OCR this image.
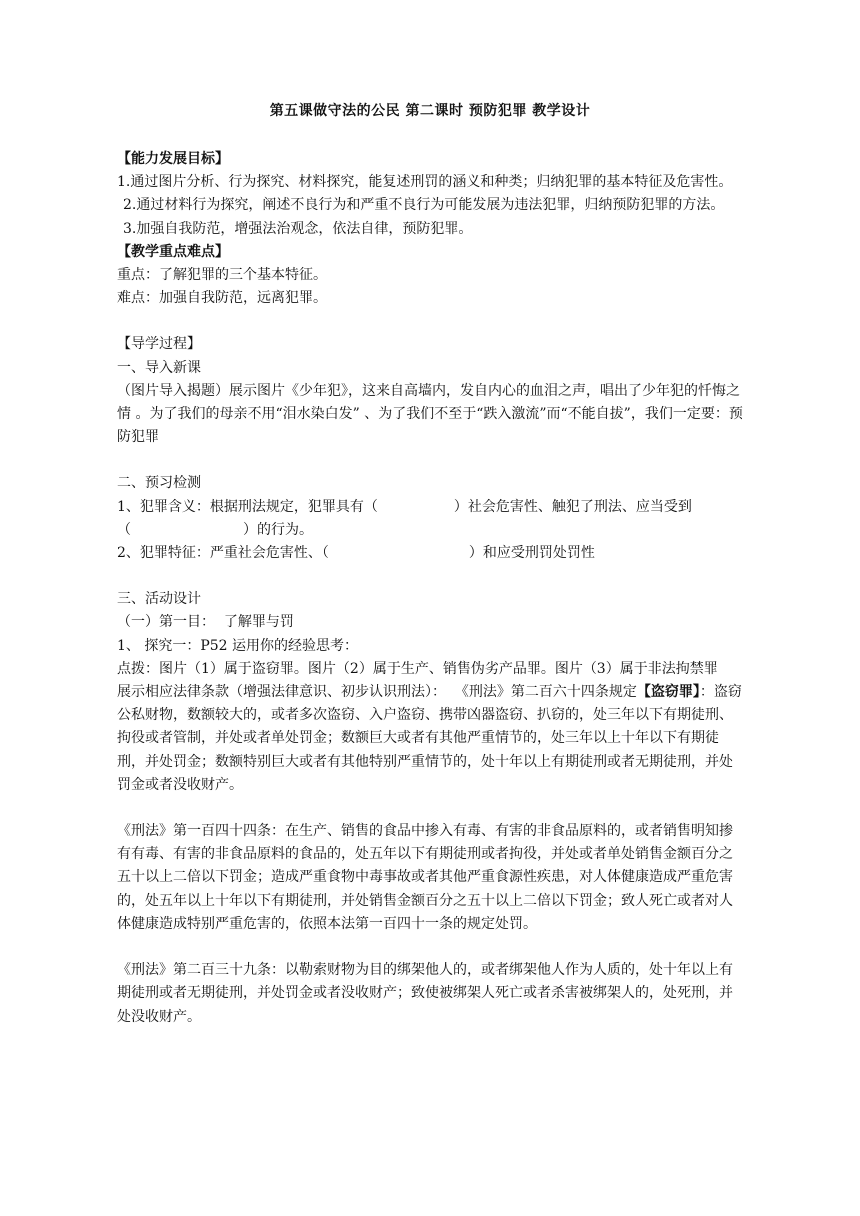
第五课做守法的公民 第二课时 预防犯罪 教学设计
【能力发展目标】
1.通过图片分析、行为探究、材料探究，能复述刑罚的涵义和种类；归纳犯罪的基本特征及危害性。
2.通过材料行为探究，阐述不良行为和严重不良行为可能发展为违法犯罪，归纳预防犯罪的方法。
3.加强自我防范，增强法治观念，依法自律，预防犯罪。
【教学重点难点】
重点：了解犯罪的三个基本特征。
难点：加强自我防范，远离犯罪。
【导学过程】
一、导入新课
（图片导入揭题）展示图片《少年犯》，这来自高墙内，发自内心的血泪之声，唱出了少年犯的忏悔之情 。为了我们的母亲不用“泪水染白发” 、为了我们不至于“跌入激流”而“不能自拔”，我们一定要：预防犯罪
二、预习检测
1、犯罪含义：根据刑法规定，犯罪具有（	）社会危害性、触犯了刑法、应当受到
（	）的行为。
2、犯罪特征：严重社会危害性、（	）和应受刑罚处罚性
三、活动设计
（一）第一目：  了解罪与罚
1、 探究一：P52 运用你的经验思考：
点拨：图片（1）属于盗窃罪。图片（2）属于生产、销售伪劣产品罪。图片（3）属于非法拘禁罪
展示相应法律条款（增强法律意识、初步认识刑法）：  《刑法》第二百六十四条规定【盗窃罪】：盗窃公私财物，数额较大的，或者多次盗窃、入户盗窃、携带凶器盗窃、扒窃的，处三年以下有期徒刑、拘役或者管制，并处或者单处罚金；数额巨大或者有其他严重情节的，处三年以上十年以下有期徒刑，并处罚金；数额特别巨大或者有其他特别严重情节的，处十年以上有期徒刑或者无期徒刑，并处罚金或者没收财产。
《刑法》第一百四十四条：在生产、销售的食品中掺入有毒、有害的非食品原料的，或者销售明知掺有有毒、有害的非食品原料的食品的，处五年以下有期徒刑或者拘役，并处或者单处销售金额百分之五十以上二倍以下罚金；造成严重食物中毒事故或者其他严重食源性疾患，对人体健康造成严重危害的，处五年以上十年以下有期徒刑，并处销售金额百分之五十以上二倍以下罚金；致人死亡或者对人体健康造成特别严重危害的，依照本法第一百四十一条的规定处罚。
《刑法》第二百三十九条：以勒索财物为目的绑架他人的，或者绑架他人作为人质的，处十年以上有期徒刑或者无期徒刑，并处罚金或者没收财产；致使被绑架人死亡或者杀害被绑架人的，处死刑，并处没收财产。
